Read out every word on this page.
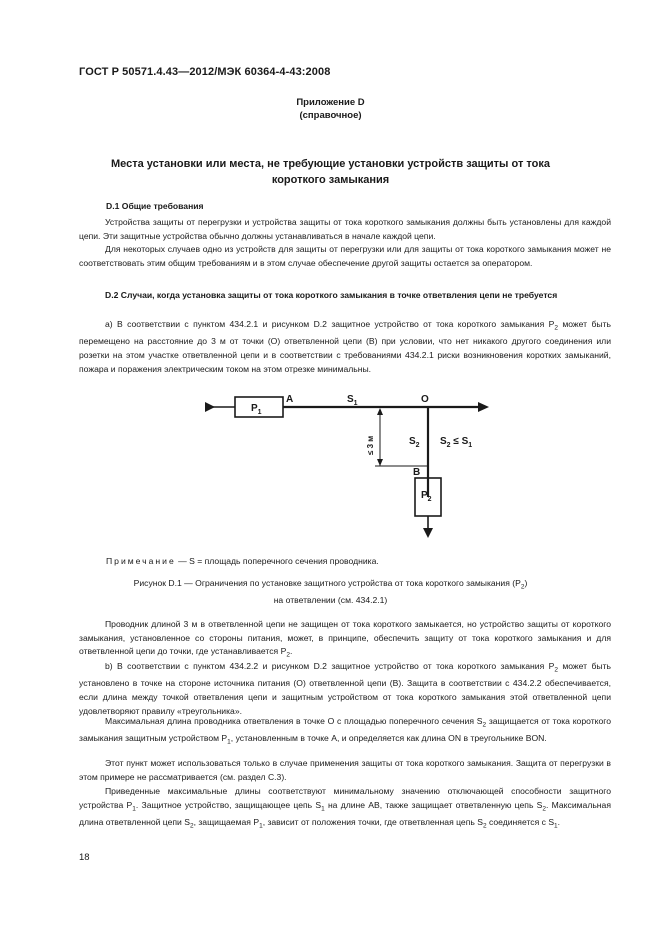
ГОСТ Р 50571.4.43—2012/МЭК 60364-4-43:2008
Приложение D
(справочное)
Места установки или места, не требующие установки устройств защиты от тока
короткого замыкания
D.1 Общие требования
Устройства защиты от перегрузки и устройства защиты от тока короткого замыкания должны быть установлены для каждой цепи. Эти защитные устройства обычно должны устанавливаться в начале каждой цепи.
Для некоторых случаев одно из устройств для защиты от перегрузки или для защиты от тока короткого замыкания может не соответствовать этим общим требованиям и в этом случае обеспечение другой защиты остается за оператором.
D.2 Случаи, когда установка защиты от тока короткого замыкания в точке ответвления цепи не требуется
а) В соответствии с пунктом 434.2.1 и рисунком D.2 защитное устройство от тока короткого замыкания $P_2$ может быть перемещено на расстояние до 3 м от точки (O) ответвленной цепи (B) при условии, что нет никакого другого соединения или розетки на этом участке ответвленной цепи и в соответствии с требованиями 434.2.1 риски возникновения коротких замыканий, пожара и поражения электрическим током на этом отрезке минимальны.
$P_1$
A	$S_1$	O
≤ 3 м	$S_2$ $S_2 \le S_1$
B
$P_2$
Примечание — S = площадь поперечного сечения проводника.
Рисунок D.1 — Ограничения по установке защитного устройства от тока короткого замыкания $(P_2)$
на ответвлении (см. 434.2.1)
Проводник длиной 3 м в ответвленной цепи не защищен от тока короткого замыкается, но устройство защиты от короткого замыкания, установленное со стороны питания, может, в принципе, обеспечить защиту от тока короткого замыкания и для ответвленной цепи до точки, где устанавливается $P_2$.
b) В соответствии с пунктом 434.2.2 и рисунком D.2 защитное устройство от тока короткого замыкания $P_2$ может быть установлено в точке на стороне источника питания (O) ответвленной цепи (B). Защита в соответствии с 434.2.2 обеспечивается, если длина между точкой ответвления цепи и защитным устройством от тока короткого замыкания этой ответвленной цепи удовлетворяют правилу «треугольника».
Максимальная длина проводника ответвления в точке O с площадью поперечного сечения $S_2$ защищается от тока короткого замыкания защитным устройством $P_1$, установленным в точке A, и определяется как длина ON в треугольнике BON.
Этот пункт может использоваться только в случае применения защиты от тока короткого замыкания. Защита от перегрузки в этом примере не рассматривается (см. раздел C.3).
Приведенные максимальные длины соответствуют минимальному значению отключающей способности защитного устройства $P_1$. Защитное устройство, защищающее цепь $S_1$ на длине AB, также защищает ответвленную цепь $S_2$. Максимальная длина ответвленной цепи $S_2$, защищаемая $P_1$, зависит от положения точки, где ответвленная цепь $S_2$ соединяется с $S_1$.
18
